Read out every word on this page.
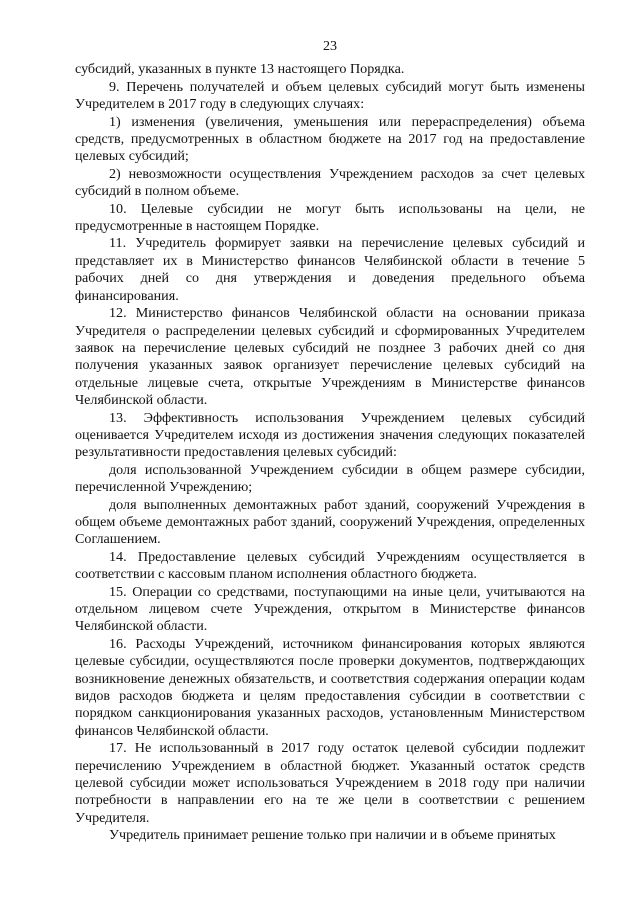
23

субсидий, указанных в пункте 13 настоящего Порядка.

9. Перечень получателей и объем целевых субсидий могут быть изменены Учредителем в 2017 году в следующих случаях:

1) изменения (увеличения, уменьшения или перераспределения) объема средств, предусмотренных в областном бюджете на 2017 год на предоставление целевых субсидий;

2) невозможности осуществления Учреждением расходов за счет целевых субсидий в полном объеме.

10. Целевые субсидии не могут быть использованы на цели, не предусмотренные в настоящем Порядке.

11. Учредитель формирует заявки на перечисление целевых субсидий и представляет их в Министерство финансов Челябинской области в течение 5 рабочих дней со дня утверждения и доведения предельного объема финансирования.

12. Министерство финансов Челябинской области на основании приказа Учредителя о распределении целевых субсидий и сформированных Учредителем заявок на перечисление целевых субсидий не позднее 3 рабочих дней со дня получения указанных заявок организует перечисление целевых субсидий на отдельные лицевые счета, открытые Учреждениям в Министерстве финансов Челябинской области.

13. Эффективность использования Учреждением целевых субсидий оценивается Учредителем исходя из достижения значения следующих показателей результативности предоставления целевых субсидий:

доля использованной Учреждением субсидии в общем размере субсидии, перечисленной Учреждению;

доля выполненных демонтажных работ зданий, сооружений Учреждения в общем объеме демонтажных работ зданий, сооружений Учреждения, определенных Соглашением.

14. Предоставление целевых субсидий Учреждениям осуществляется в соответствии с кассовым планом исполнения областного бюджета.

15. Операции со средствами, поступающими на иные цели, учитываются на отдельном лицевом счете Учреждения, открытом в Министерстве финансов Челябинской области.

16. Расходы Учреждений, источником финансирования которых являются целевые субсидии, осуществляются после проверки документов, подтверждающих возникновение денежных обязательств, и соответствия содержания операции кодам видов расходов бюджета и целям предоставления субсидии в соответствии с порядком санкционирования указанных расходов, установленным Министерством финансов Челябинской области.

17. Не использованный в 2017 году остаток целевой субсидии подлежит перечислению Учреждением в областной бюджет. Указанный остаток средств целевой субсидии может использоваться Учреждением в 2018 году при наличии потребности в направлении его на те же цели в соответствии с решением Учредителя.

Учредитель принимает решение только при наличии и в объеме принятых
